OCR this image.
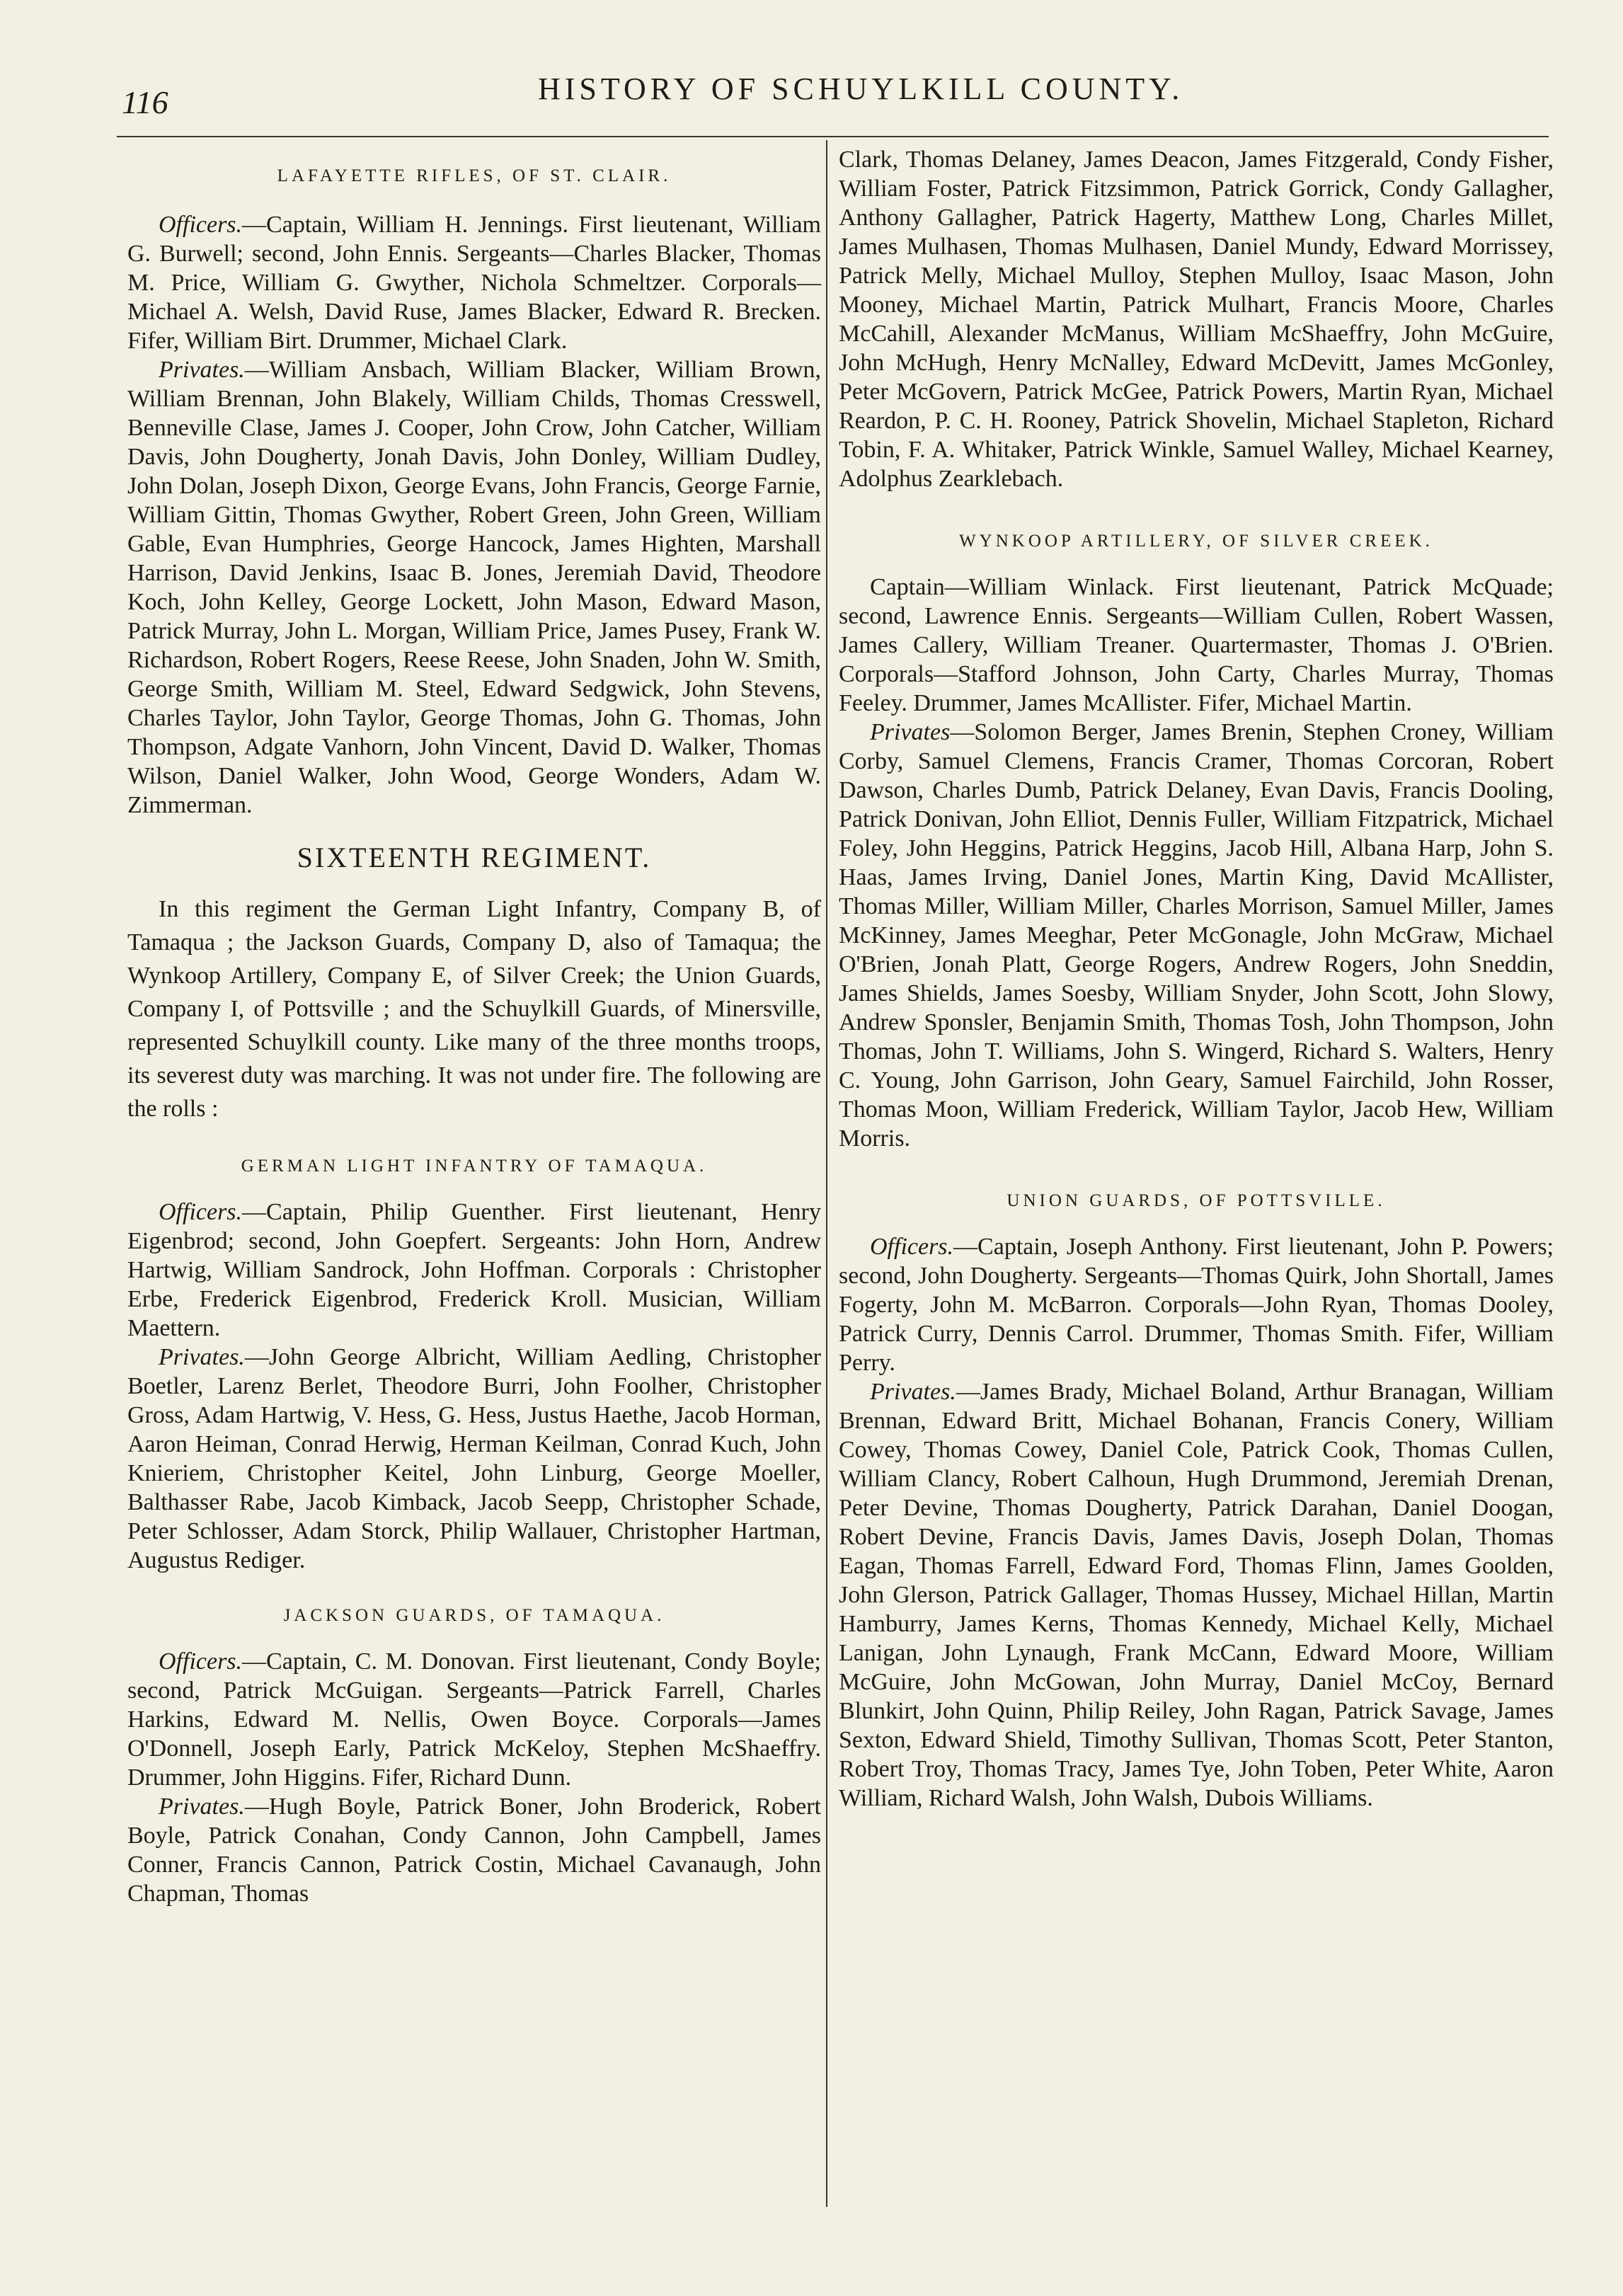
116	HISTORY OF SCHUYLKILL COUNTY.
LAFAYETTE RIFLES, OF ST. CLAIR.

Officers.—Captain, William H. Jennings. First lieutenant, William G. Burwell; second, John Ennis. Sergeants—Charles Blacker, Thomas M. Price, William G. Gwyther, Nichola Schmeltzer. Corporals—Michael A. Welsh, David Ruse, James Blacker, Edward R. Brecken. Fifer, William Birt. Drummer, Michael Clark.

Privates.—William Ansbach, William Blacker, William Brown, William Brennan, John Blakely, William Childs, Thomas Cresswell, Benneville Clase, James J. Cooper, John Crow, John Catcher, William Davis, John Dougherty, Jonah Davis, John Donley, William Dudley, John Dolan, Joseph Dixon, George Evans, John Francis, George Farnie, William Gittin, Thomas Gwyther, Robert Green, John Green, William Gable, Evan Humphries, George Hancock, James Highten, Marshall Harrison, David Jenkins, Isaac B. Jones, Jeremiah David, Theodore Koch, John Kelley, George Lockett, John Mason, Edward Mason, Patrick Murray, John L. Morgan, William Price, James Pusey, Frank W. Richardson, Robert Rogers, Reese Reese, John Snaden, John W. Smith, George Smith, William M. Steel, Edward Sedgwick, John Stevens, Charles Taylor, John Taylor, George Thomas, John G. Thomas, John Thompson, Adgate Vanhorn, John Vincent, David D. Walker, Thomas Wilson, Daniel Walker, John Wood, George Wonders, Adam W. Zimmerman.

SIXTEENTH REGIMENT.

In this regiment the German Light Infantry, Company B, of Tamaqua ; the Jackson Guards, Company D, also of Tamaqua; the Wynkoop Artillery, Company E, of Silver Creek; the Union Guards, Company I, of Pottsville ; and the Schuylkill Guards, of Minersville, represented Schuylkill county. Like many of the three months troops, its severest duty was marching. It was not under fire. The following are the rolls :

GERMAN LIGHT INFANTRY OF TAMAQUA.

Officers.—Captain, Philip Guenther. First lieutenant, Henry Eigenbrod; second, John Goepfert. Sergeants: John Horn, Andrew Hartwig, William Sandrock, John Hoffman. Corporals : Christopher Erbe, Frederick Eigenbrod, Frederick Kroll. Musician, William Maettern.

Privates.—John George Albricht, William Aedling, Christopher Boetler, Larenz Berlet, Theodore Burri, John Foolher, Christopher Gross, Adam Hartwig, V. Hess, G. Hess, Justus Haethe, Jacob Horman, Aaron Heiman, Conrad Herwig, Herman Keilman, Conrad Kuch, John Knieriem, Christopher Keitel, John Linburg, George Moeller, Balthasser Rabe, Jacob Kimback, Jacob Seepp, Christopher Schade, Peter Schlosser, Adam Storck, Philip Wallauer, Christopher Hartman, Augustus Rediger.

JACKSON GUARDS, OF TAMAQUA.

Officers.—Captain, C. M. Donovan. First lieutenant, Condy Boyle; second, Patrick McGuigan. Sergeants—Patrick Farrell, Charles Harkins, Edward M. Nellis, Owen Boyce. Corporals—James O'Donnell, Joseph Early, Patrick McKeloy, Stephen McShaeffry. Drummer, John Higgins. Fifer, Richard Dunn.

Privates.—Hugh Boyle, Patrick Boner, John Broderick, Robert Boyle, Patrick Conahan, Condy Cannon, John Campbell, James Conner, Francis Cannon, Patrick Costin, Michael Cavanaugh, John Chapman, Thomas

Clark, Thomas Delaney, James Deacon, James Fitzgerald, Condy Fisher, William Foster, Patrick Fitzsimmon, Patrick Gorrick, Condy Gallagher, Anthony Gallagher, Patrick Hagerty, Matthew Long, Charles Millet, James Mulhasen, Thomas Mulhasen, Daniel Mundy, Edward Morrissey, Patrick Melly, Michael Mulloy, Stephen Mulloy, Isaac Mason, John Mooney, Michael Martin, Patrick Mulhart, Francis Moore, Charles McCahill, Alexander McManus, William McShaeffry, John McGuire, John McHugh, Henry McNalley, Edward McDevitt, James McGonley, Peter McGovern, Patrick McGee, Patrick Powers, Martin Ryan, Michael Reardon, P. C. H. Rooney, Patrick Shovelin, Michael Stapleton, Richard Tobin, F. A. Whitaker, Patrick Winkle, Samuel Walley, Michael Kearney, Adolphus Zearklebach.

WYNKOOP ARTILLERY, OF SILVER CREEK.

Captain—William Winlack. First lieutenant, Patrick McQuade; second, Lawrence Ennis. Sergeants—William Cullen, Robert Wassen, James Callery, William Treaner. Quartermaster, Thomas J. O'Brien. Corporals—Stafford Johnson, John Carty, Charles Murray, Thomas Feeley. Drummer, James McAllister. Fifer, Michael Martin.

Privates—Solomon Berger, James Brenin, Stephen Croney, William Corby, Samuel Clemens, Francis Cramer, Thomas Corcoran, Robert Dawson, Charles Dumb, Patrick Delaney, Evan Davis, Francis Dooling, Patrick Donivan, John Elliot, Dennis Fuller, William Fitzpatrick, Michael Foley, John Heggins, Patrick Heggins, Jacob Hill, Albana Harp, John S. Haas, James Irving, Daniel Jones, Martin King, David McAllister, Thomas Miller, William Miller, Charles Morrison, Samuel Miller, James McKinney, James Meeghar, Peter McGonagle, John McGraw, Michael O'Brien, Jonah Platt, George Rogers, Andrew Rogers, John Sneddin, James Shields, James Soesby, William Snyder, John Scott, John Slowy, Andrew Sponsler, Benjamin Smith, Thomas Tosh, John Thompson, John Thomas, John T. Williams, John S. Wingerd, Richard S. Walters, Henry C. Young, John Garrison, John Geary, Samuel Fairchild, John Rosser, Thomas Moon, William Frederick, William Taylor, Jacob Hew, William Morris.

UNION GUARDS, OF POTTSVILLE.

Officers.—Captain, Joseph Anthony. First lieutenant, John P. Powers; second, John Dougherty. Sergeants—Thomas Quirk, John Shortall, James Fogerty, John M. McBarron. Corporals—John Ryan, Thomas Dooley, Patrick Curry, Dennis Carrol. Drummer, Thomas Smith. Fifer, William Perry.

Privates.—James Brady, Michael Boland, Arthur Branagan, William Brennan, Edward Britt, Michael Bohanan, Francis Conery, William Cowey, Thomas Cowey, Daniel Cole, Patrick Cook, Thomas Cullen, William Clancy, Robert Calhoun, Hugh Drummond, Jeremiah Drenan, Peter Devine, Thomas Dougherty, Patrick Darahan, Daniel Doogan, Robert Devine, Francis Davis, James Davis, Joseph Dolan, Thomas Eagan, Thomas Farrell, Edward Ford, Thomas Flinn, James Goolden, John Glerson, Patrick Gallager, Thomas Hussey, Michael Hillan, Martin Hamburry, James Kerns, Thomas Kennedy, Michael Kelly, Michael Lanigan, John Lynaugh, Frank McCann, Edward Moore, William McGuire, John McGowan, John Murray, Daniel McCoy, Bernard Blunkirt, John Quinn, Philip Reiley, John Ragan, Patrick Savage, James Sexton, Edward Shield, Timothy Sullivan, Thomas Scott, Peter Stanton, Robert Troy, Thomas Tracy, James Tye, John Toben, Peter White, Aaron William, Richard Walsh, John Walsh, Dubois Williams.
